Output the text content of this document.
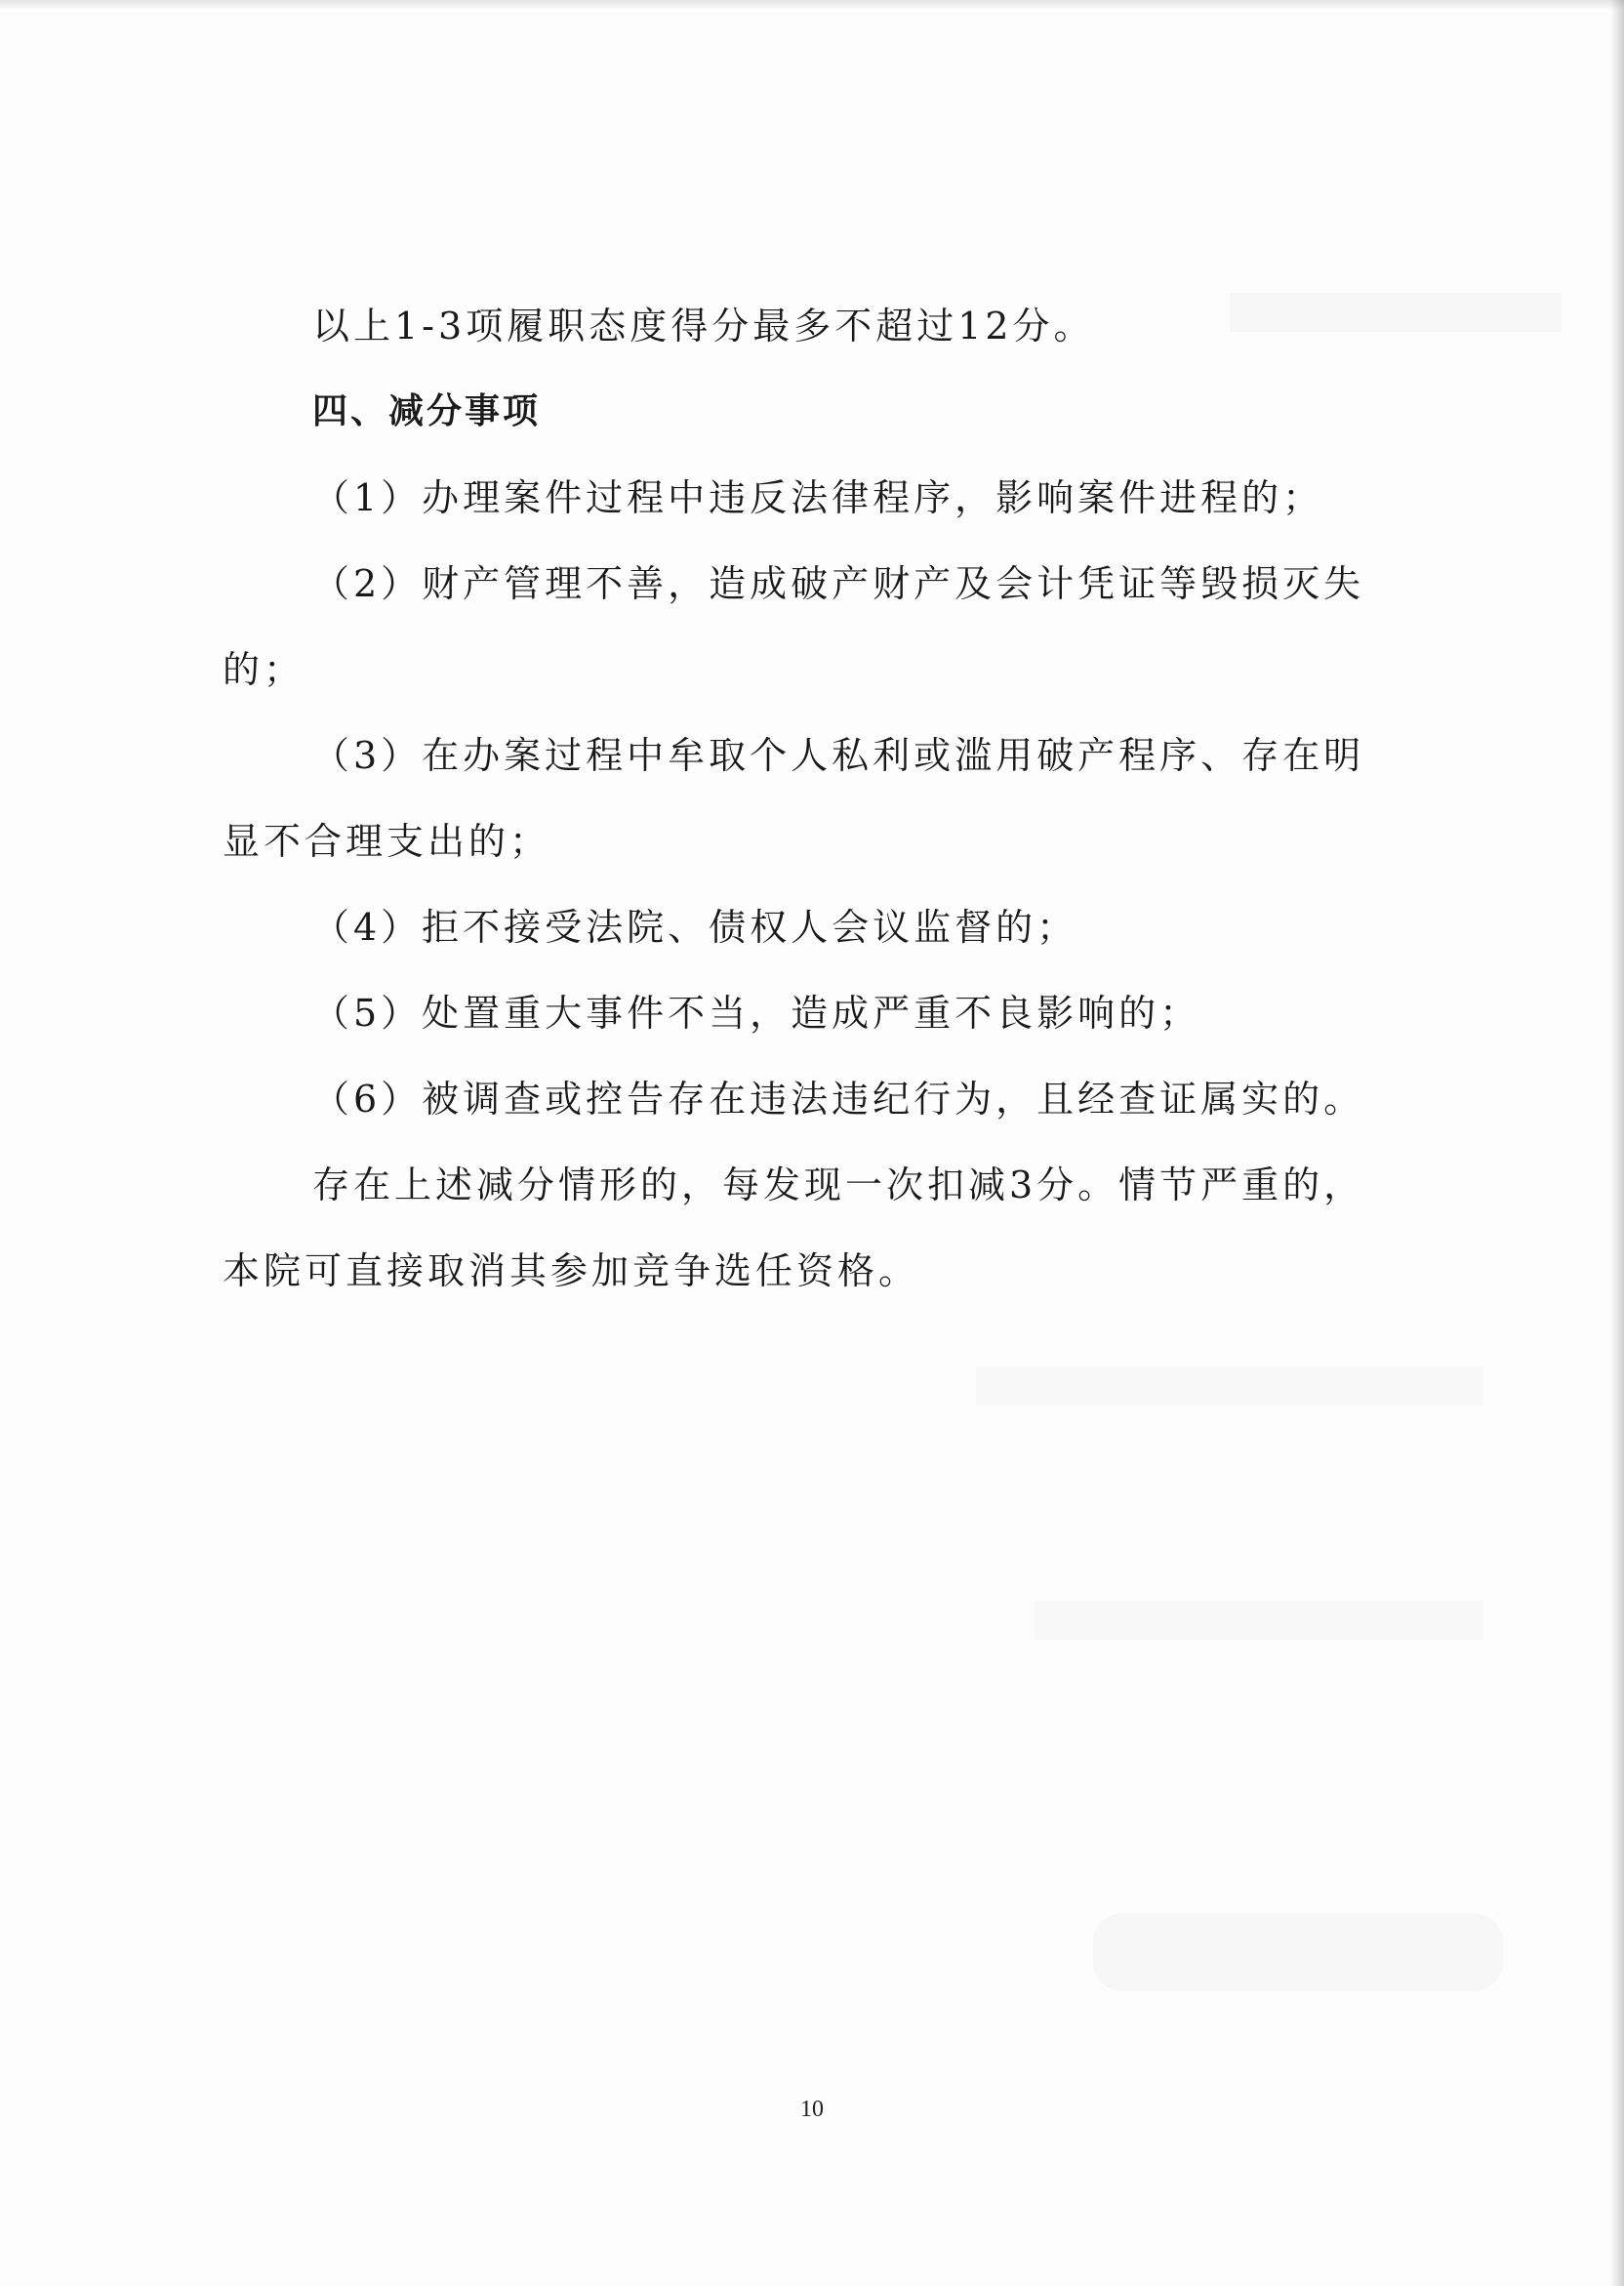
以上1-3项履职态度得分最多不超过12分。
四、减分事项
（1）办理案件过程中违反法律程序，影响案件进程的；
（2）财产管理不善，造成破产财产及会计凭证等毁损灭失
的；
（3）在办案过程中牟取个人私利或滥用破产程序、存在明
显不合理支出的；
（4）拒不接受法院、债权人会议监督的；
（5）处置重大事件不当，造成严重不良影响的；
（6）被调查或控告存在违法违纪行为，且经查证属实的。
存在上述减分情形的，每发现一次扣减3分。情节严重的，
本院可直接取消其参加竞争选任资格。
10
